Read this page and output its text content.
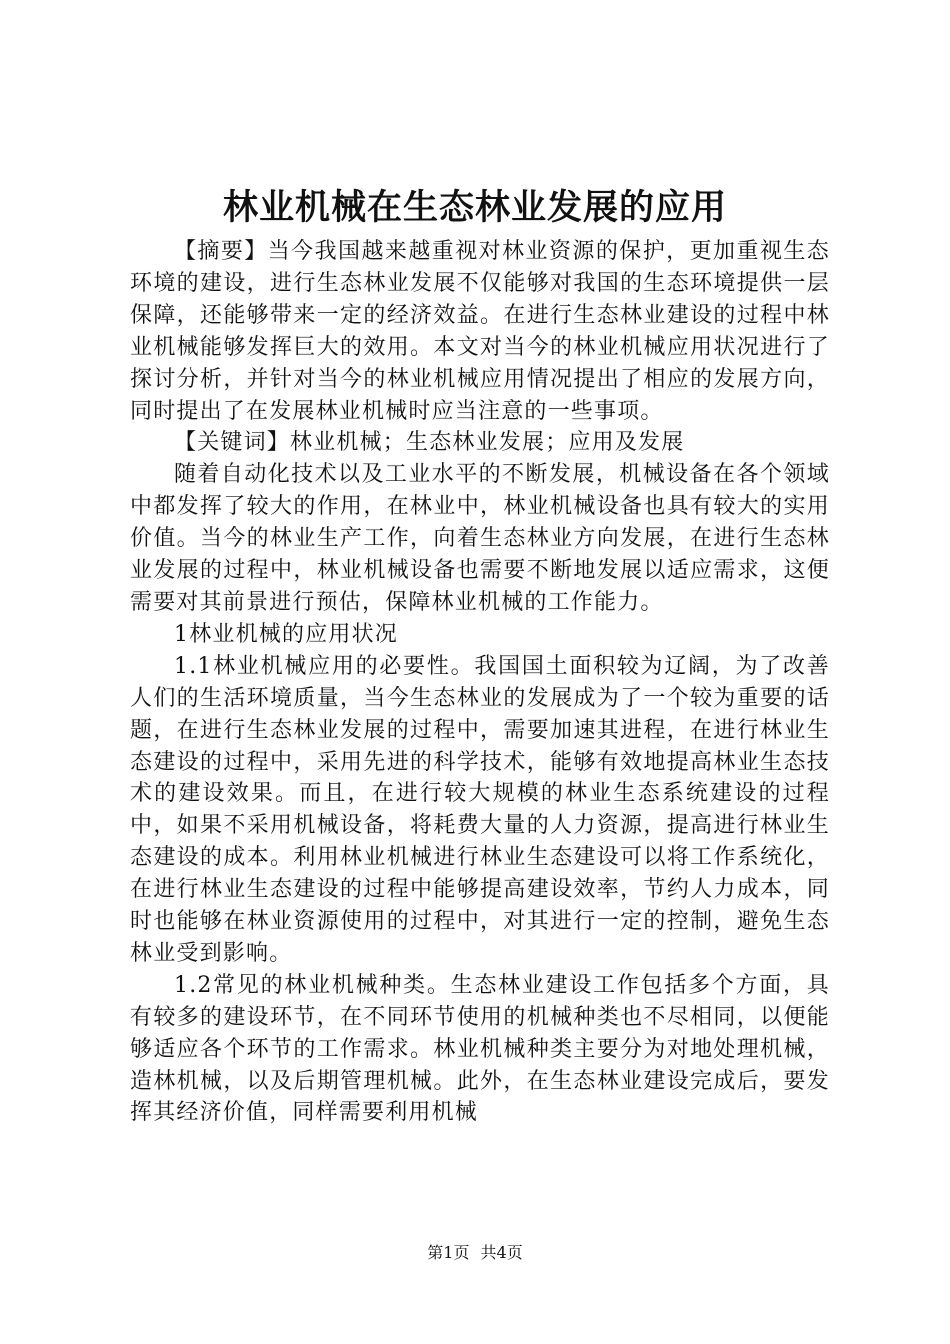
林业机械在生态林业发展的应用

【摘要】当今我国越来越重视对林业资源的保护，更加重视生态环境的建设，进行生态林业发展不仅能够对我国的生态环境提供一层保障，还能够带来一定的经济效益。在进行生态林业建设的过程中林业机械能够发挥巨大的效用。本文对当今的林业机械应用状况进行了探讨分析，并针对当今的林业机械应用情况提出了相应的发展方向，同时提出了在发展林业机械时应当注意的一些事项。

【关键词】林业机械；生态林业发展；应用及发展

随着自动化技术以及工业水平的不断发展，机械设备在各个领域中都发挥了较大的作用，在林业中，林业机械设备也具有较大的实用价值。当今的林业生产工作，向着生态林业方向发展，在进行生态林业发展的过程中，林业机械设备也需要不断地发展以适应需求，这便需要对其前景进行预估，保障林业机械的工作能力。

1林业机械的应用状况

1.1林业机械应用的必要性。我国国土面积较为辽阔，为了改善人们的生活环境质量，当今生态林业的发展成为了一个较为重要的话题，在进行生态林业发展的过程中，需要加速其进程，在进行林业生态建设的过程中，采用先进的科学技术，能够有效地提高林业生态技术的建设效果。而且，在进行较大规模的林业生态系统建设的过程中，如果不采用机械设备，将耗费大量的人力资源，提高进行林业生态建设的成本。利用林业机械进行林业生态建设可以将工作系统化，在进行林业生态建设的过程中能够提高建设效率，节约人力成本，同时也能够在林业资源使用的过程中，对其进行一定的控制，避免生态林业受到影响。

1.2常见的林业机械种类。生态林业建设工作包括多个方面，具有较多的建设环节，在不同环节使用的机械种类也不尽相同，以便能够适应各个环节的工作需求。林业机械种类主要分为对地处理机械，造林机械，以及后期管理机械。此外，在生态林业建设完成后，要发挥其经济价值，同样需要利用机械

第1页 共4页
